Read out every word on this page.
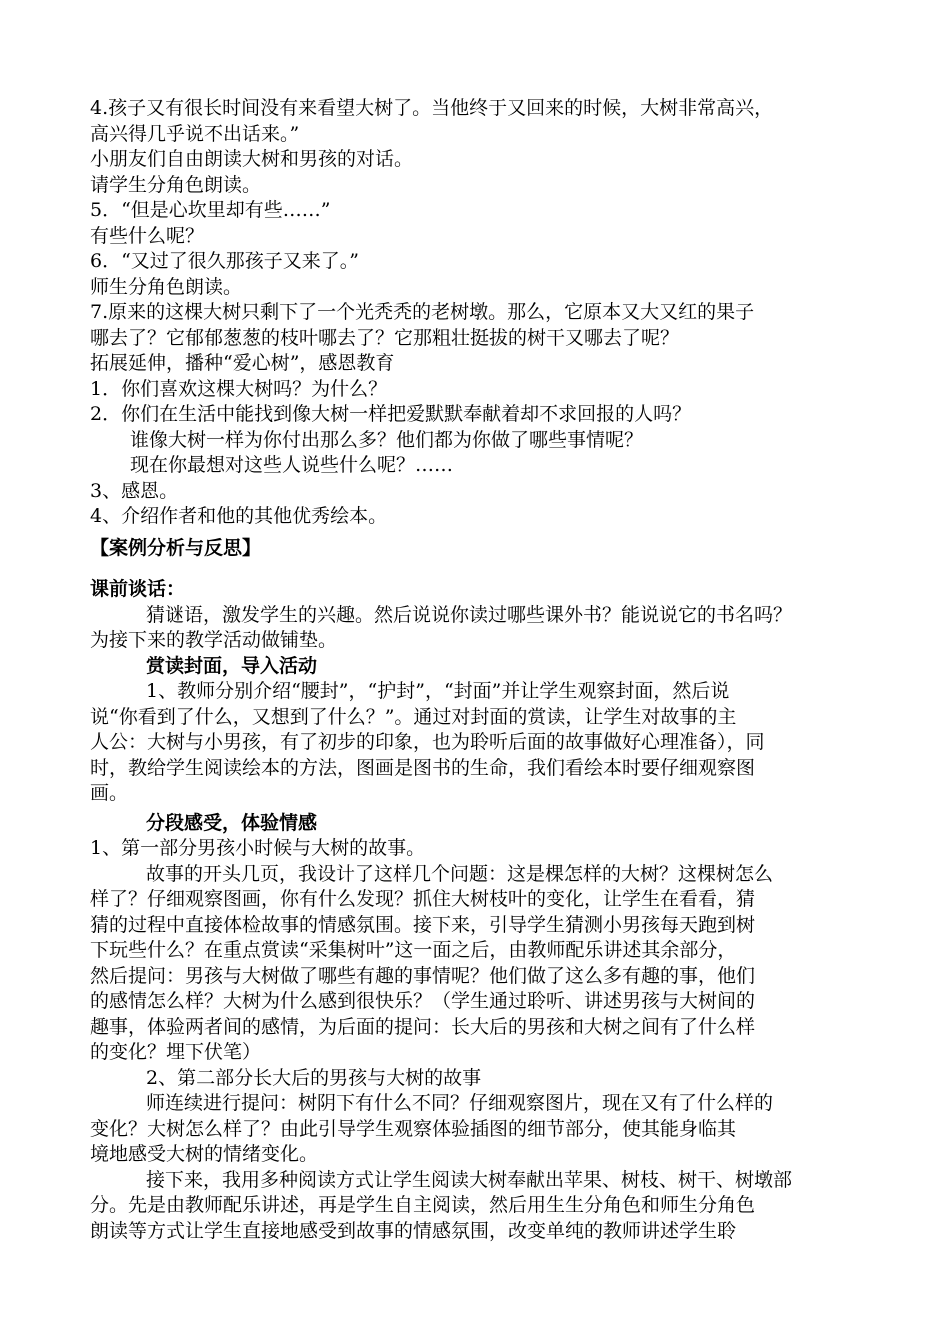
4.孩子又有很长时间没有来看望大树了。当他终于又回来的时候，大树非常高兴，
高兴得几乎说不出话来。”
小朋友们自由朗读大树和男孩的对话。
请学生分角色朗读。
5．“但是心坎里却有些……”
有些什么呢？
6．“又过了很久那孩子又来了。”
师生分角色朗读。
7.原来的这棵大树只剩下了一个光秃秃的老树墩。那么，它原本又大又红的果子
哪去了？它郁郁葱葱的枝叶哪去了？它那粗壮挺拔的树干又哪去了呢？
拓展延伸，播种“爱心树”，感恩教育
1．你们喜欢这棵大树吗？为什么？
2．你们在生活中能找到像大树一样把爱默默奉献着却不求回报的人吗？
谁像大树一样为你付出那么多？他们都为你做了哪些事情呢？
现在你最想对这些人说些什么呢？……
3、感恩。
4、介绍作者和他的其他优秀绘本。
【案例分析与反思】
课前谈话：
猜谜语，激发学生的兴趣。然后说说你读过哪些课外书？能说说它的书名吗？
为接下来的教学活动做铺垫。
赏读封面，导入活动
1、教师分别介绍“腰封”，“护封”，“封面”并让学生观察封面，然后说
说“你看到了什么，又想到了什么？”。通过对封面的赏读，让学生对故事的主
人公：大树与小男孩，有了初步的印象，也为聆听后面的故事做好心理准备），同
时，教给学生阅读绘本的方法，图画是图书的生命，我们看绘本时要仔细观察图
画。
分段感受，体验情感
1、第一部分男孩小时候与大树的故事。
故事的开头几页，我设计了这样几个问题：这是棵怎样的大树？这棵树怎么
样了？仔细观察图画，你有什么发现？抓住大树枝叶的变化，让学生在看看，猜
猜的过程中直接体检故事的情感氛围。接下来，引导学生猜测小男孩每天跑到树
下玩些什么？在重点赏读“采集树叶”这一面之后，由教师配乐讲述其余部分，
然后提问：男孩与大树做了哪些有趣的事情呢？他们做了这么多有趣的事，他们
的感情怎么样？大树为什么感到很快乐？（学生通过聆听、讲述男孩与大树间的
趣事，体验两者间的感情，为后面的提问：长大后的男孩和大树之间有了什么样
的变化？埋下伏笔）
2、第二部分长大后的男孩与大树的故事
师连续进行提问：树阴下有什么不同？仔细观察图片，现在又有了什么样的
变化？大树怎么样了？由此引导学生观察体验插图的细节部分，使其能身临其
境地感受大树的情绪变化。
接下来，我用多种阅读方式让学生阅读大树奉献出苹果、树枝、树干、树墩部
分。先是由教师配乐讲述，再是学生自主阅读，然后用生生分角色和师生分角色
朗读等方式让学生直接地感受到故事的情感氛围，改变单纯的教师讲述学生聆
